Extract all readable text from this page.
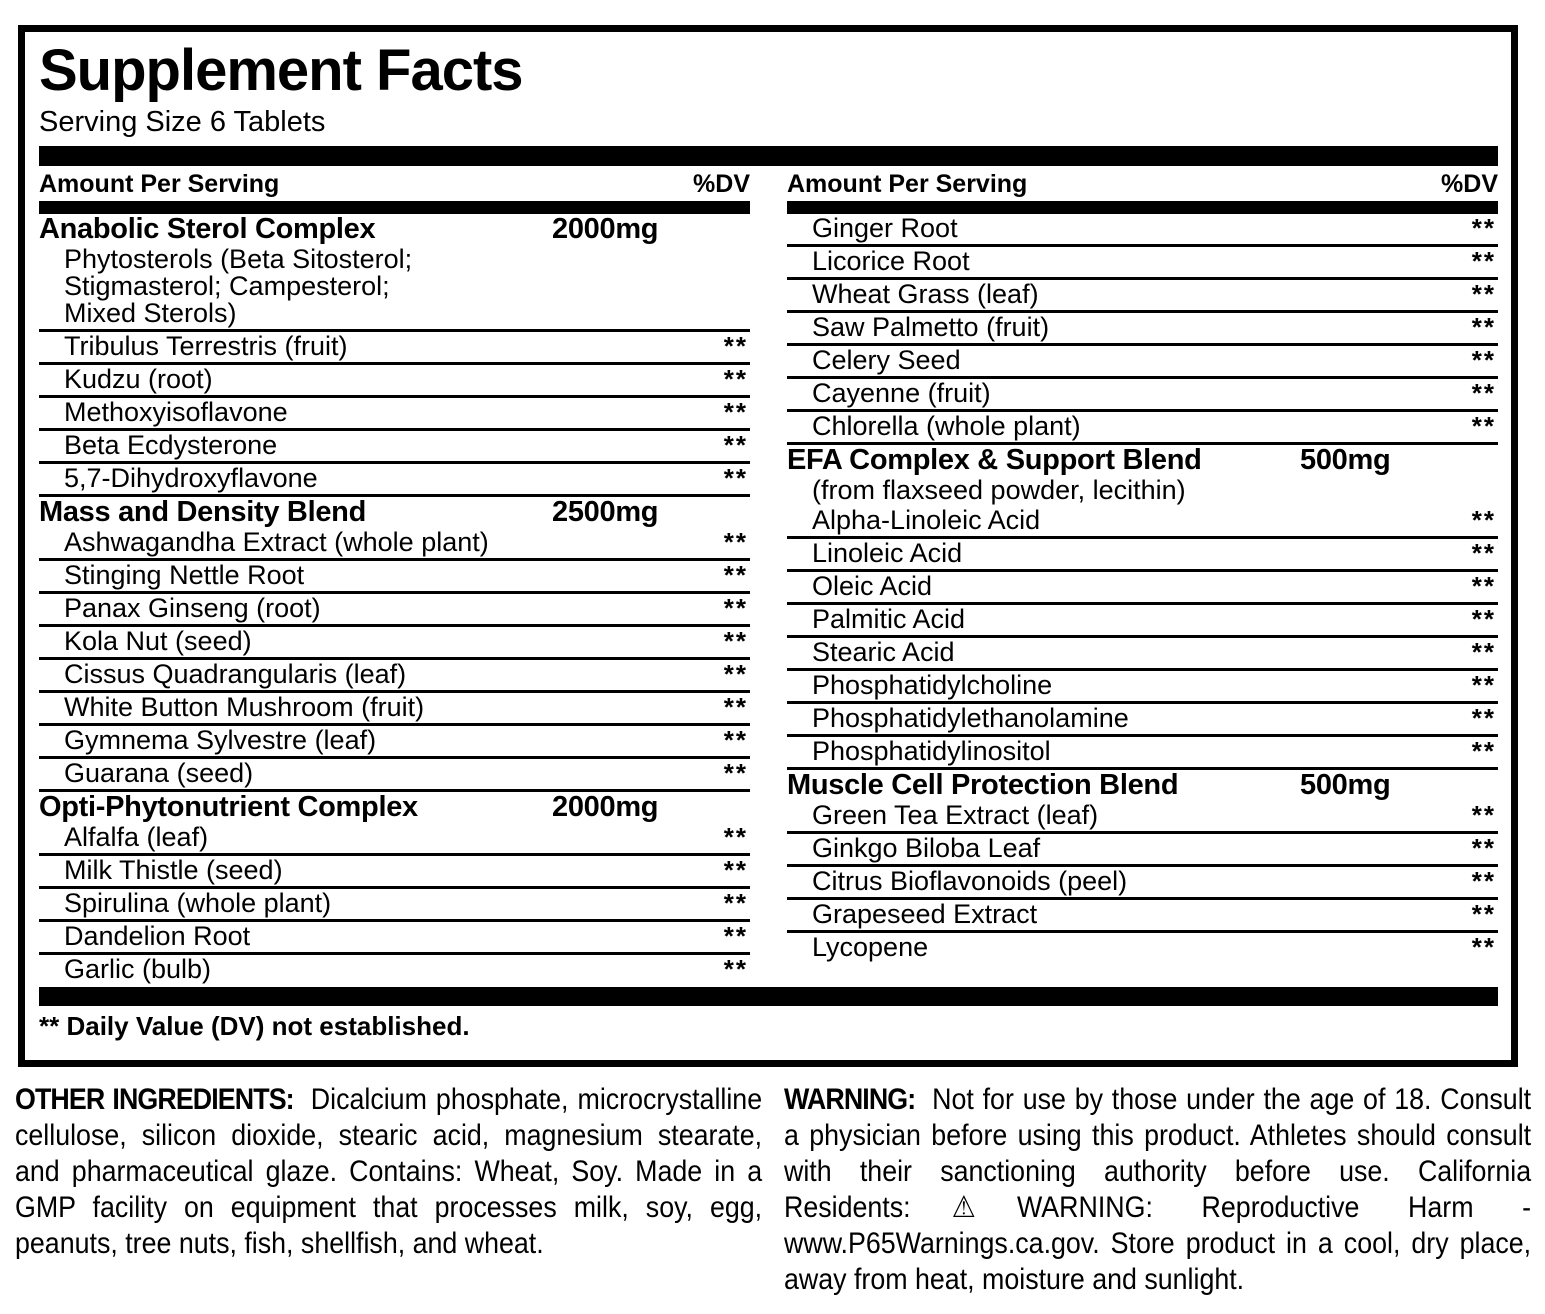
Supplement Facts
Serving Size 6 Tablets
Amount Per Serving	%DV
Anabolic Sterol Complex	2000mg
Phytosterols (Beta Sitosterol;
Stigmasterol; Campesterol;
Mixed Sterols)
Tribulus Terrestris (fruit)	**
Kudzu (root)	**
Methoxyisoflavone	**
Beta Ecdysterone	**
5,7-Dihydroxyflavone	**
Mass and Density Blend	2500mg
Ashwagandha Extract (whole plant)	**
Stinging Nettle Root	**
Panax Ginseng (root)	**
Kola Nut (seed)	**
Cissus Quadrangularis (leaf)	**
White Button Mushroom (fruit)	**
Gymnema Sylvestre (leaf)	**
Guarana (seed)	**
Opti-Phytonutrient Complex	2000mg
Alfalfa (leaf)	**
Milk Thistle (seed)	**
Spirulina (whole plant)	**
Dandelion Root	**
Garlic (bulb)	**
Amount Per Serving	%DV
Ginger Root	**
Licorice Root	**
Wheat Grass (leaf)	**
Saw Palmetto (fruit)	**
Celery Seed	**
Cayenne (fruit)	**
Chlorella (whole plant)	**
EFA Complex & Support Blend	500mg
(from flaxseed powder, lecithin)
Alpha-Linoleic Acid	**
Linoleic Acid	**
Oleic Acid	**
Palmitic Acid	**
Stearic Acid	**
Phosphatidylcholine	**
Phosphatidylethanolamine	**
Phosphatidylinositol	**
Muscle Cell Protection Blend	500mg
Green Tea Extract (leaf)	**
Ginkgo Biloba Leaf	**
Citrus Bioflavonoids (peel)	**
Grapeseed Extract	**
Lycopene	**
** Daily Value (DV) not established.

OTHER INGREDIENTS: Dicalcium phosphate, microcrystalline cellulose, silicon dioxide, stearic acid, magnesium stearate, and pharmaceutical glaze. Contains: Wheat, Soy. Made in a GMP facility on equipment that processes milk, soy, egg, peanuts, tree nuts, fish, shellfish, and wheat.

WARNING: Not for use by those under the age of 18. Consult a physician before using this product. Athletes should consult with their sanctioning authority before use. California Residents:⚠WARNING: Reproductive Harm - www.P65Warnings.ca.gov. Store product in a cool, dry place, away from heat, moisture and sunlight.
